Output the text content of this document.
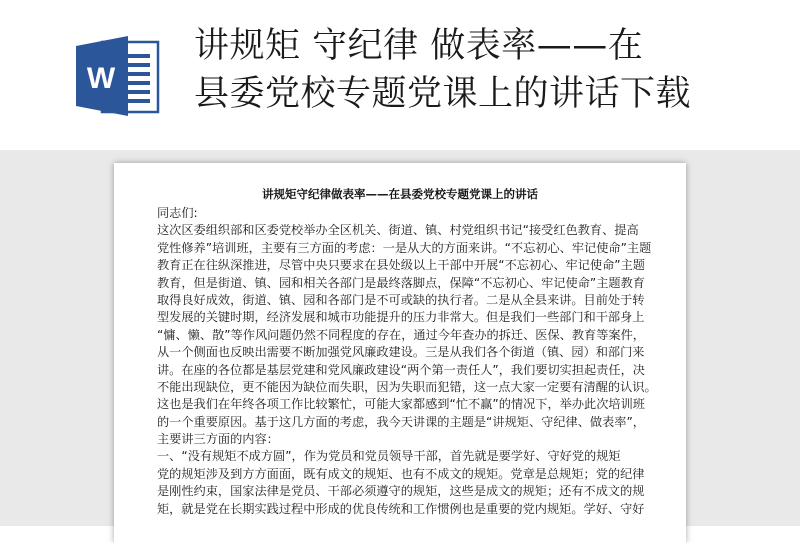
W
讲规矩 守纪律 做表率——在
县委党校专题党课上的讲话下载
讲规矩守纪律做表率——在县委党校专题党课上的讲话
同志们:
这次区委组织部和区委党校举办全区机关、街道、镇、村党组织书记“接受红色教育、提高
党性修养”培训班，主要有三方面的考虑：一是从大的方面来讲。“不忘初心、牢记使命”主题
教育正在往纵深推进，尽管中央只要求在县处级以上干部中开展“不忘初心、牢记使命”主题
教育，但是街道、镇、园和相关各部门是最终落脚点，保障“不忘初心、牢记使命”主题教育
取得良好成效，街道、镇、园和各部门是不可或缺的执行者。二是从全县来讲。目前处于转
型发展的关键时期，经济发展和城市功能提升的压力非常大。但是我们一些部门和干部身上
“慵、懒、散”等作风问题仍然不同程度的存在，通过今年查办的拆迁、医保、教育等案件，
从一个侧面也反映出需要不断加强党风廉政建设。三是从我们各个街道（镇、园）和部门来
讲。在座的各位都是基层党建和党风廉政建设“两个第一责任人”，我们要切实担起责任，决
不能出现缺位，更不能因为缺位而失职，因为失职而犯错，这一点大家一定要有清醒的认识。
这也是我们在年终各项工作比较繁忙，可能大家都感到“忙不赢”的情况下，举办此次培训班
的一个重要原因。基于这几方面的考虑，我今天讲课的主题是“讲规矩、守纪律、做表率”，
主要讲三方面的内容：
一、“没有规矩不成方圆”，作为党员和党员领导干部，首先就是要学好、守好党的规矩
党的规矩涉及到方方面面，既有成文的规矩、也有不成文的规矩。党章是总规矩；党的纪律
是刚性约束，国家法律是党员、干部必须遵守的规矩，这些是成文的规矩；还有不成文的规
矩，就是党在长期实践过程中形成的优良传统和工作惯例也是重要的党内规矩。学好、守好
